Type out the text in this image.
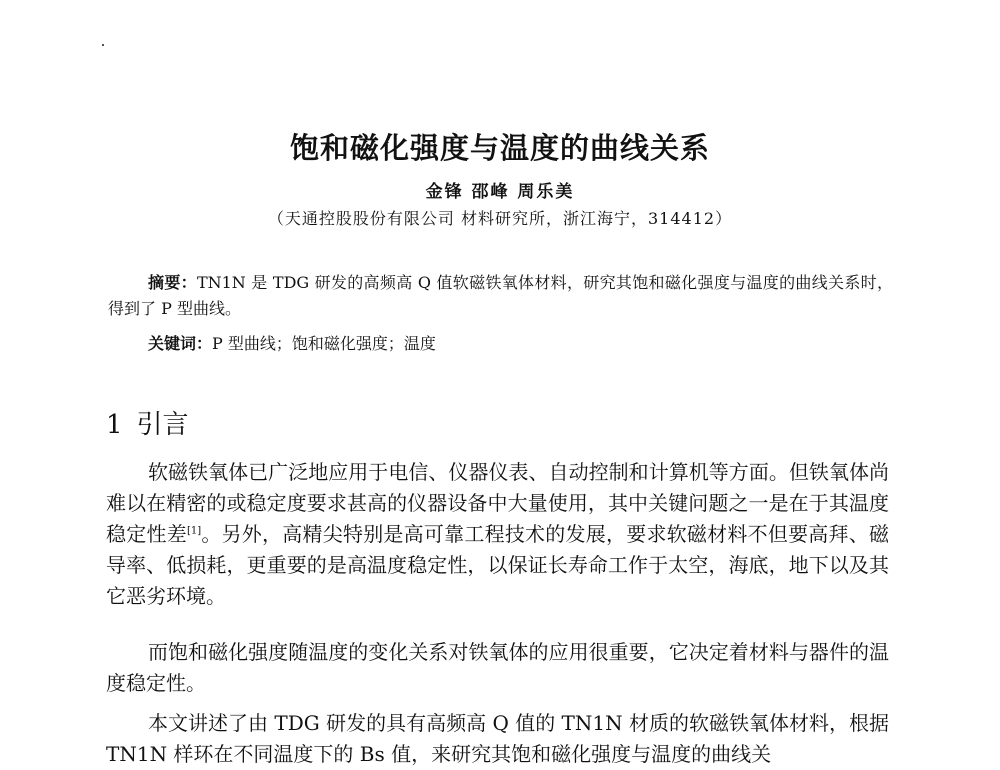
饱和磁化强度与温度的曲线关系
金锋 邵峰 周乐美
（天通控股股份有限公司 材料研究所，浙江海宁，314412）
摘要：TN1N 是 TDG 研发的高频高 Q 值软磁铁氧体材料，研究其饱和磁化强度与温度的曲线关系时，得到了 P 型曲线。
关键词：P 型曲线；饱和磁化强度；温度
1 引言

软磁铁氧体已广泛地应用于电信、仪器仪表、自动控制和计算机等方面。但铁氧体尚难以在精密的或稳定度要求甚高的仪器设备中大量使用，其中关键问题之一是在于其温度稳定性差[1]。另外，高精尖特别是高可靠工程技术的发展，要求软磁材料不但要高拜、磁导率、低损耗，更重要的是高温度稳定性，以保证长寿命工作于太空，海底，地下以及其它恶劣环境。

而饱和磁化强度随温度的变化关系对铁氧体的应用很重要，它决定着材料与器件的温度稳定性。

本文讲述了由 TDG 研发的具有高频高 Q 值的 TN1N 材质的软磁铁氧体材料，根据 TN1N 样环在不同温度下的 Bs 值，来研究其饱和磁化强度与温度的曲线关
